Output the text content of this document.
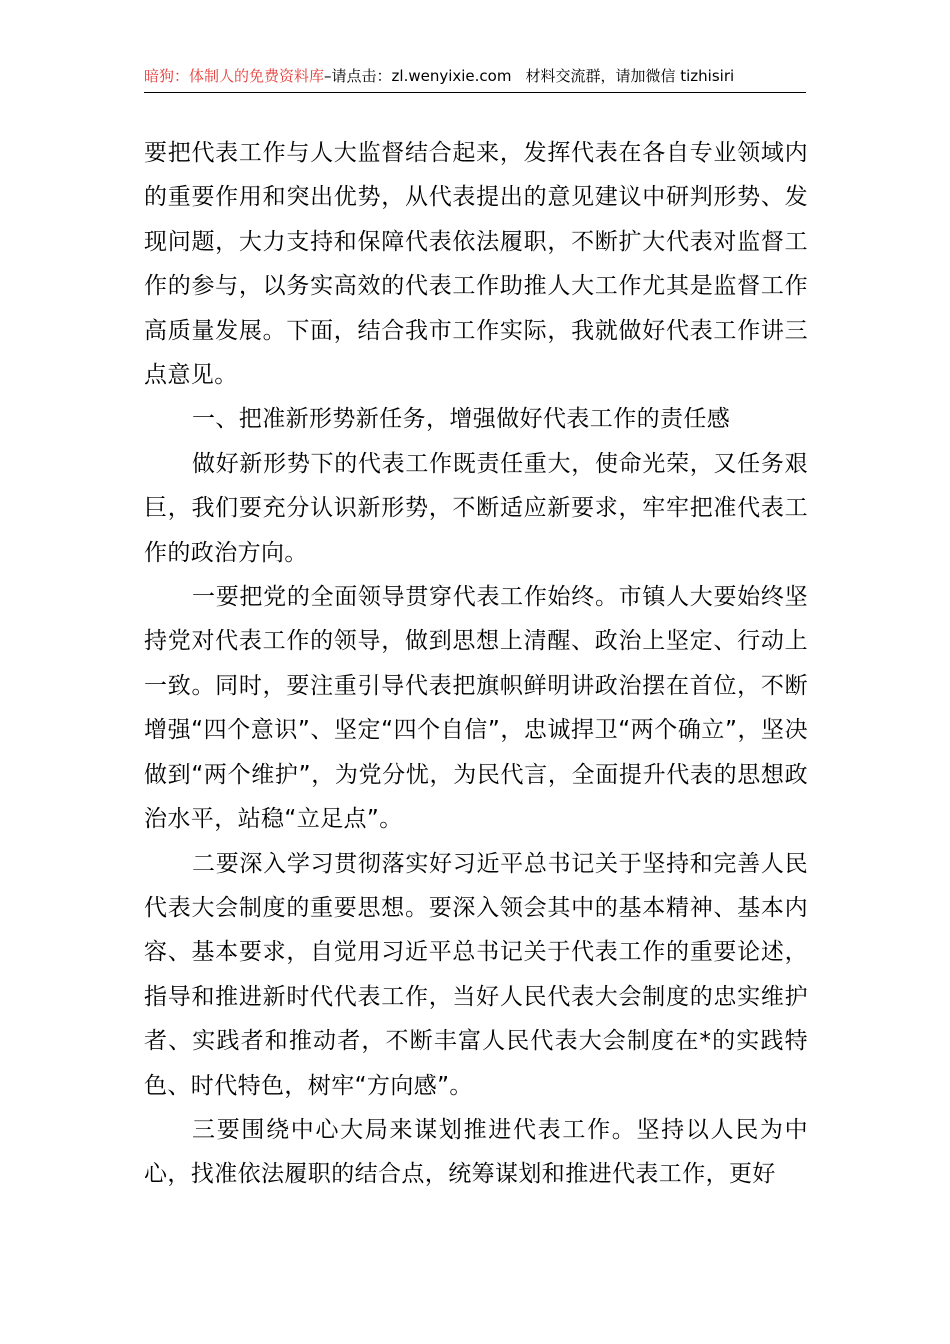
暗狗：体制人的免费资料库 –请点击： zl.wenyixie.com 材料交流群，请加微信 tizhisiri

要把代表工作与人大监督结合起来，发挥代表在各自专业领域内的重要作用和突出优势，从代表提出的意见建议中研判形势、发现问题，大力支持和保障代表依法履职，不断扩大代表对监督工作的参与，以务实高效的代表工作助推人大工作尤其是监督工作高质量发展。下面，结合我市工作实际，我就做好代表工作讲三点意见。

一、把准新形势新任务，增强做好代表工作的责任感

做好新形势下的代表工作既责任重大，使命光荣，又任务艰巨，我们要充分认识新形势，不断适应新要求，牢牢把准代表工作的政治方向。

一要把党的全面领导贯穿代表工作始终。市镇人大要始终坚持党对代表工作的领导，做到思想上清醒、政治上坚定、行动上一致。同时，要注重引导代表把旗帜鲜明讲政治摆在首位，不断增强“四个意识”、坚定“四个自信”，忠诚捍卫“两个确立”，坚决做到“两个维护”，为党分忧，为民代言，全面提升代表的思想政治水平，站稳“立足点”。

二要深入学习贯彻落实好习近平总书记关于坚持和完善人民代表大会制度的重要思想。要深入领会其中的基本精神、基本内容、基本要求，自觉用习近平总书记关于代表工作的重要论述，指导和推进新时代代表工作，当好人民代表大会制度的忠实维护者、实践者和推动者，不断丰富人民代表大会制度在*的实践特色、时代特色，树牢“方向感”。

三要围绕中心大局来谋划推进代表工作。坚持以人民为中心，找准依法履职的结合点，统筹谋划和推进代表工作，更好
